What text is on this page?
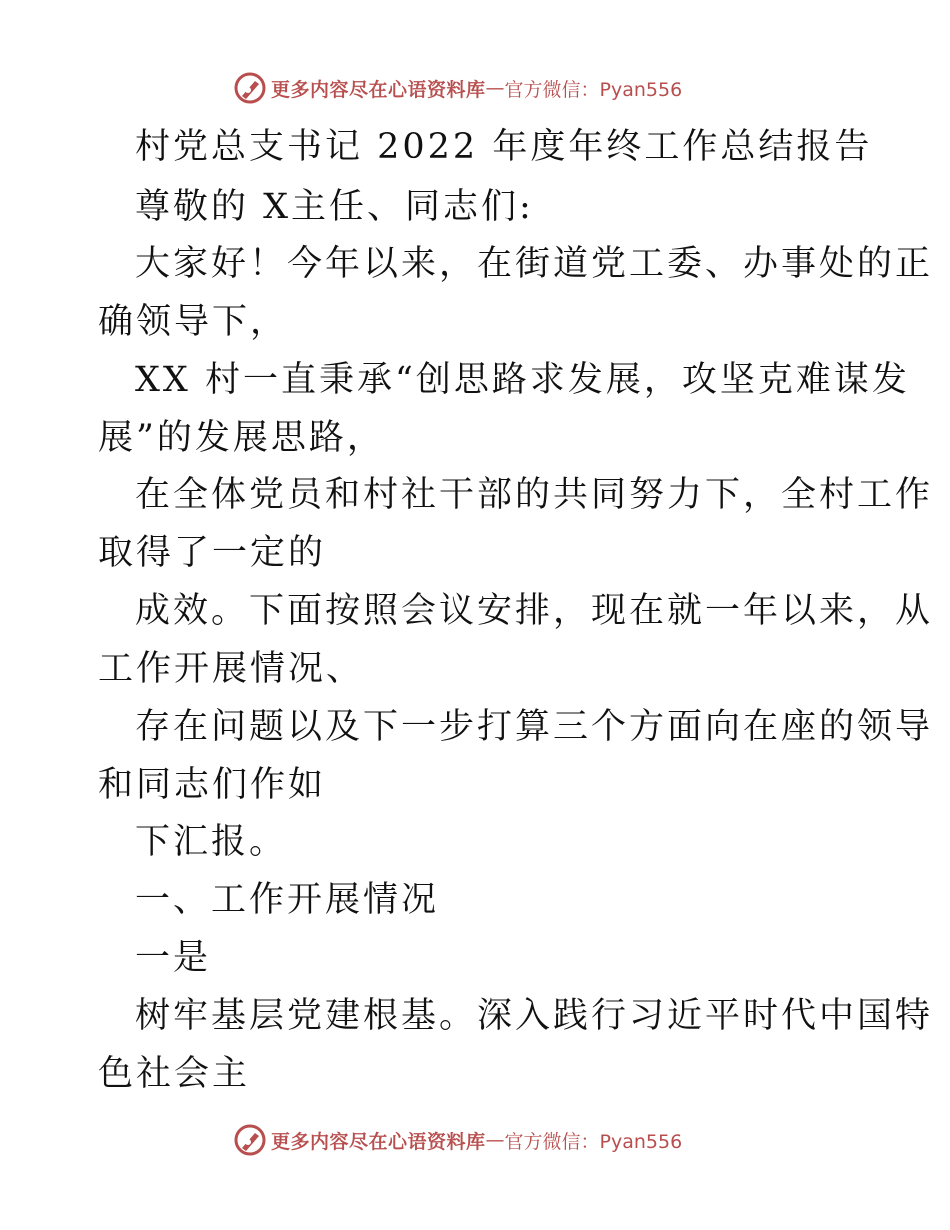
更多内容尽在心语资料库 — 官方微信：Pyan556
村党总支书记 2022 年度年终工作总结报告
尊敬的 X主任、同志们:
大家好！今年以来，在街道党工委、办事处的正
确领导下，
XX 村一直秉承“创思路求发展，攻坚克难谋发
展”的发展思路，
在全体党员和村社干部的共同努力下，全村工作
取得了一定的
成效。下面按照会议安排，现在就一年以来，从
工作开展情况、
存在问题以及下一步打算三个方面向在座的领导
和同志们作如
下汇报。
一、工作开展情况
一是
树牢基层党建根基。深入践行习近平时代中国特
色社会主
更多内容尽在心语资料库 — 官方微信：Pyan556
